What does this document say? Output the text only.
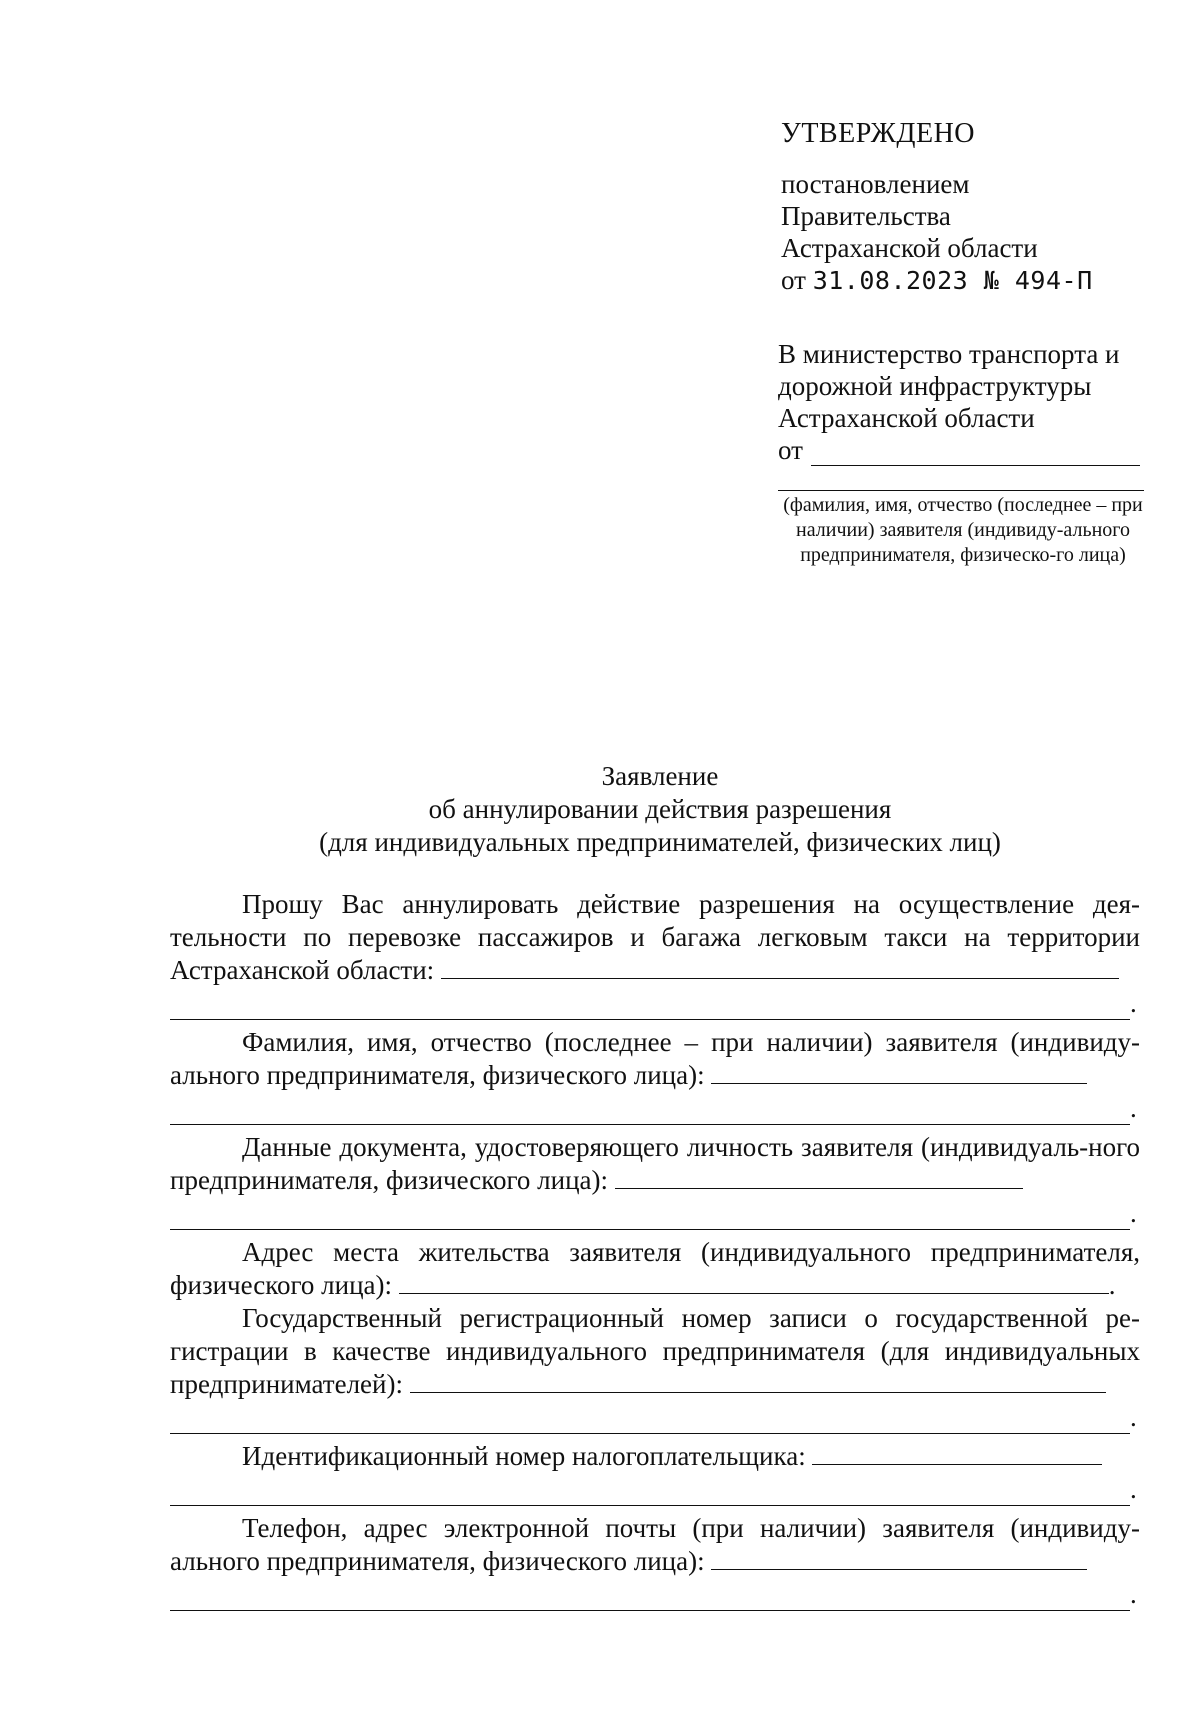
УТВЕРЖДЕНО
постановлением
Правительства
Астраханской области
от 31.08.2023 № 494-П
В министерство транспорта и
дорожной инфраструктуры
Астраханской области
от
(фамилия, имя, отчество (последнее – при наличии) заявителя (индивиду-ального предпринимателя, физическо-го лица)
Заявление
об аннулировании действия разрешения
(для индивидуальных предпринимателей, физических лиц)
Прошу Вас аннулировать действие разрешения на осуществление дея-тельности по перевозке пассажиров и багажа легковым такси на территории Астраханской области:
.
Фамилия, имя, отчество (последнее – при наличии) заявителя (индивиду-ального предпринимателя, физического лица):
.
Данные документа, удостоверяющего личность заявителя (индивидуаль-ного предпринимателя, физического лица):
.
Адрес места жительства заявителя (индивидуального предпринимателя, физического лица):	.
Государственный регистрационный номер записи о государственной ре-гистрации в качестве индивидуального предпринимателя (для индивидуальных предпринимателей):
.
Идентификационный номер налогоплательщика:
.
Телефон, адрес электронной почты (при наличии) заявителя (индивиду-ального предпринимателя, физического лица):
.
